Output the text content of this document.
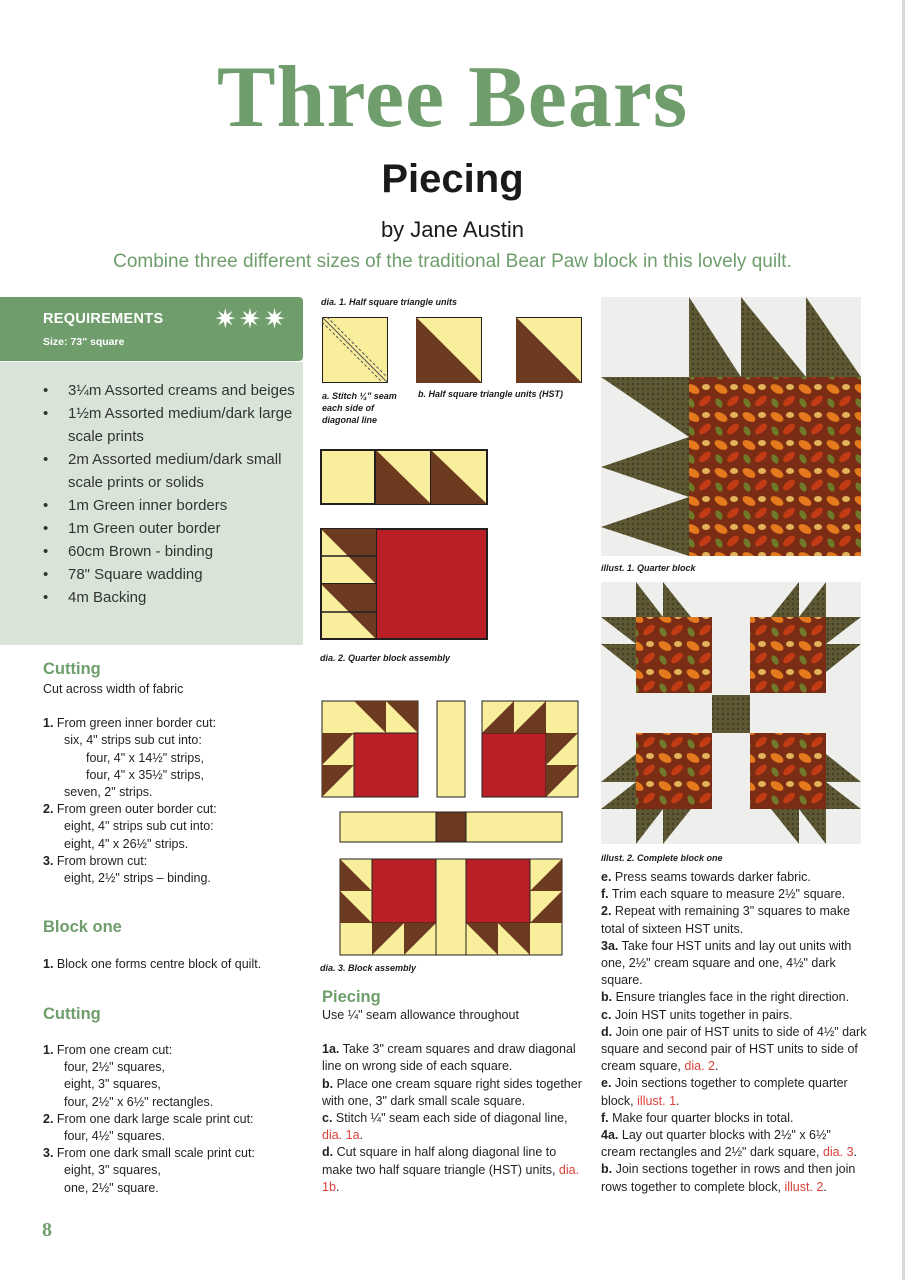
Three Bears
Piecing
by Jane Austin
Combine three different sizes of the traditional Bear Paw block in this lovely quilt.
REQUIREMENTS
Size: 73" square
✷✷✷
• 3¼m Assorted creams and beiges
• 1½m Assorted medium/dark large scale prints
• 2m Assorted medium/dark small scale prints or solids
• 1m Green inner borders
• 1m Green outer border
• 60cm Brown - binding
• 78" Square wadding
• 4m Backing
Cutting
Cut across width of fabric
1. From green inner border cut:
six, 4" strips sub cut into:
four, 4" x 14½" strips,
four, 4" x 35½" strips,
seven, 2" strips.
2. From green outer border cut:
eight, 4" strips sub cut into:
eight, 4" x 26½" strips.
3. From brown cut:
eight, 2½" strips – binding.
Block one
1. Block one forms centre block of quilt.
Cutting
1. From one cream cut:
four, 2½" squares,
eight, 3" squares,
four, 2½" x 6½" rectangles.
2. From one dark large scale print cut:
four, 4½" squares.
3. From one dark small scale print cut:
eight, 3" squares,
one, 2½" square.
dia. 1. Half square triangle units
a. Stitch ¼" seam each side of diagonal line
b. Half square triangle units (HST)
dia. 2. Quarter block assembly
dia. 3. Block assembly
Piecing
Use ¼" seam allowance throughout
1a. Take 3" cream squares and draw diagonal line on wrong side of each square.
b. Place one cream square right sides together with one, 3" dark small scale square.
c. Stitch ¼" seam each side of diagonal line, dia. 1a.
d. Cut square in half along diagonal line to make two half square triangle (HST) units, dia. 1b.
illust. 1. Quarter block
illust. 2. Complete block one
e. Press seams towards darker fabric.
f. Trim each square to measure 2½" square.
2. Repeat with remaining 3" squares to make total of sixteen HST units.
3a. Take four HST units and lay out units with one, 2½" cream square and one, 4½" dark square.
b. Ensure triangles face in the right direction.
c. Join HST units together in pairs.
d. Join one pair of HST units to side of 4½" dark square and second pair of HST units to side of cream square, dia. 2.
e. Join sections together to complete quarter block, illust. 1.
f. Make four quarter blocks in total.
4a. Lay out quarter blocks with 2½" x 6½" cream rectangles and 2½" dark square, dia. 3.
b. Join sections together in rows and then join rows together to complete block, illust. 2.
8
